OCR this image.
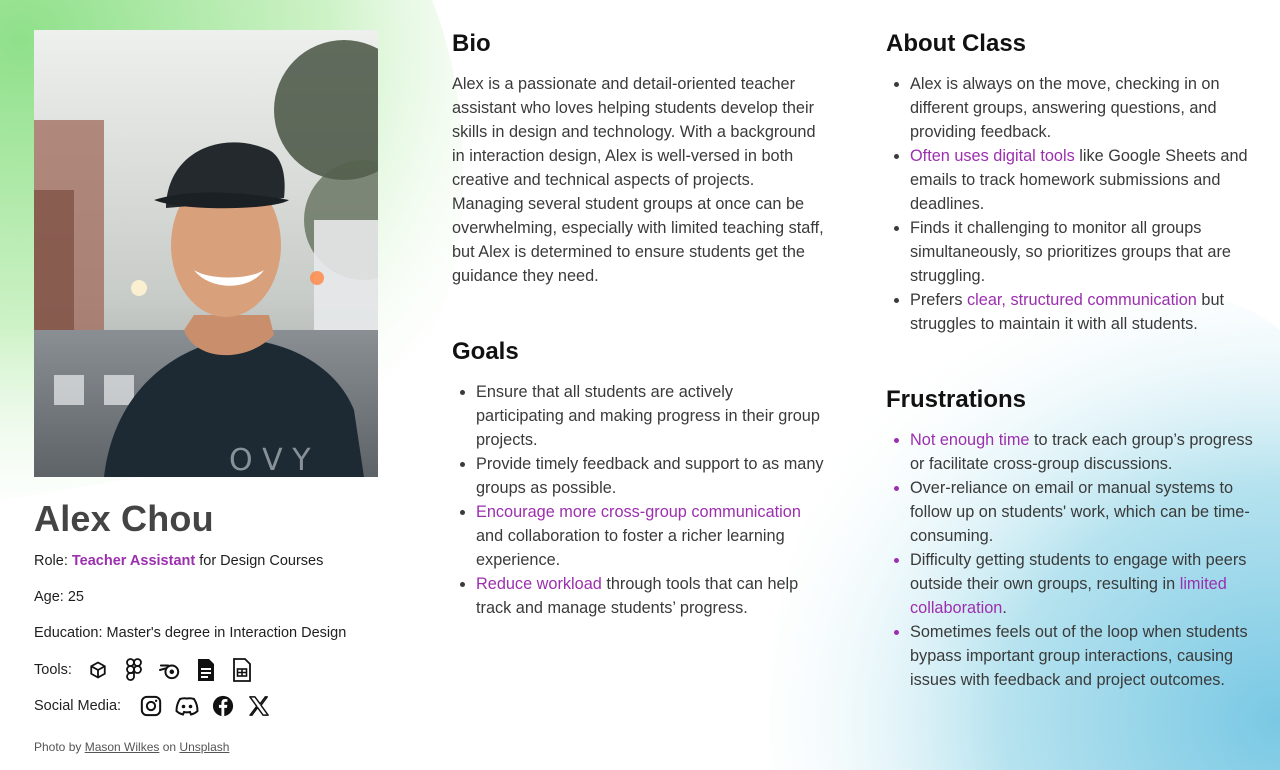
O V Y
Alex Chou
Role: Teacher Assistant for Design Courses
Age: 25
Education: Master's degree in Interaction Design
Tools:
Social Media:
Photo by Mason Wilkes on Unsplash
Bio

Alex is a passionate and detail-oriented teacher assistant who loves helping students develop their skills in design and technology. With a background in interaction design, Alex is well-versed in both creative and technical aspects of projects. Managing several student groups at once can be overwhelming, especially with limited teaching staff, but Alex is determined to ensure students get the guidance they need.

Goals
Ensure that all students are actively participating and making progress in their group projects.
Provide timely feedback and support to as many groups as possible.
Encourage more cross-group communication and collaboration to foster a richer learning experience.
Reduce workload through tools that can help track and manage students’ progress.
About Class
Alex is always on the move, checking in on different groups, answering questions, and providing feedback.
Often uses digital tools like Google Sheets and emails to track homework submissions and deadlines.
Finds it challenging to monitor all groups simultaneously, so prioritizes groups that are struggling.
Prefers clear, structured communication but struggles to maintain it with all students.
Frustrations
Not enough time to track each group’s progress or facilitate cross-group discussions.
Over-reliance on email or manual systems to follow up on students' work, which can be time-consuming.
Difficulty getting students to engage with peers outside their own groups, resulting in limited collaboration.
Sometimes feels out of the loop when students bypass important group interactions, causing issues with feedback and project outcomes.
